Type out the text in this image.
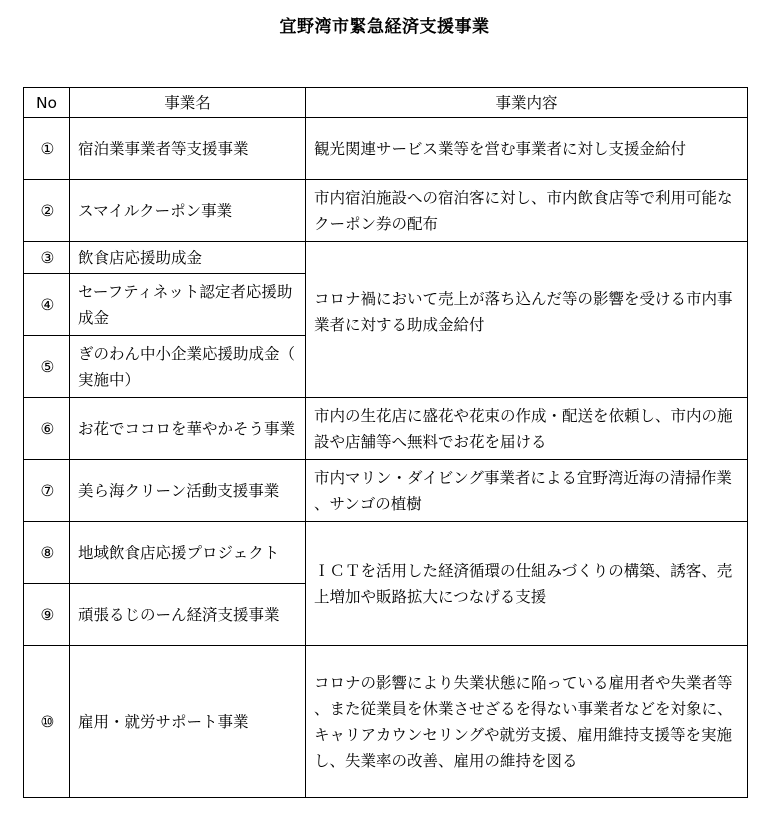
宜野湾市緊急経済支援事業
No	事業名	事業内容
①	宿泊業事業者等支援事業	観光関連サービス業等を営む事業者に対し支援金給付
②	スマイルクーポン事業	市内宿泊施設への宿泊客に対し、市内飲食店等で利用可能なクーポン券の配布
③	飲食店応援助成金	コロナ禍において売上が落ち込んだ等の影響を受ける市内事業者に対する助成金給付
④	セーフティネット認定者応援助成金	
⑤	ぎのわん中小企業応援助成金（実施中）	
⑥	お花でココロを華やかそう事業	市内の生花店に盛花や花束の作成・配送を依頼し、市内の施設や店舗等へ無料でお花を届ける
⑦	美ら海クリーン活動支援事業	市内マリン・ダイビング事業者による宜野湾近海の清掃作業、サンゴの植樹
⑧	地域飲食店応援プロジェクト	ＩＣＴを活用した経済循環の仕組みづくりの構築、誘客、売上増加や販路拡大につなげる支援
⑨	頑張るじのーん経済支援事業	
⑩	雇用・就労サポート事業	コロナの影響により失業状態に陥っている雇用者や失業者等、また従業員を休業させざるを得ない事業者などを対象に、キャリアカウンセリングや就労支援、雇用維持支援等を実施し、失業率の改善、雇用の維持を図る
